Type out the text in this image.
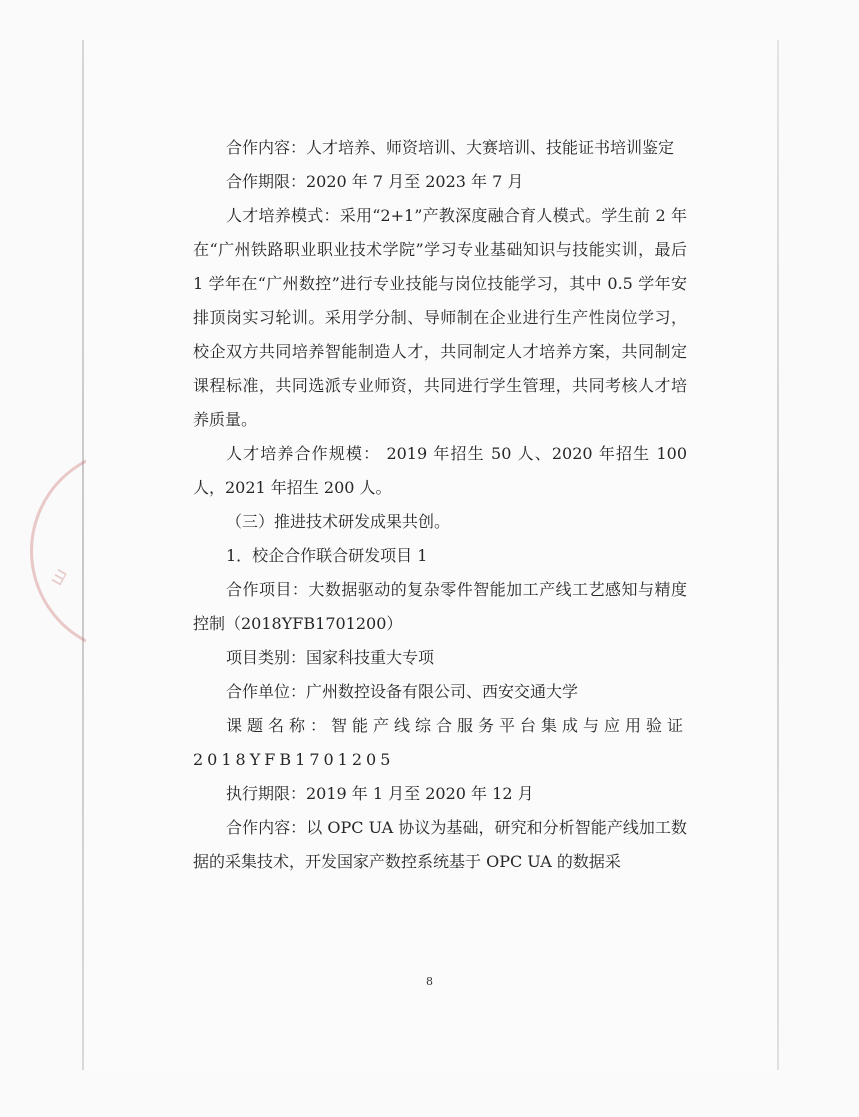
ш

合作内容：人才培养、师资培训、大赛培训、技能证书培训鉴定

合作期限：2020 年 7 月至 2023 年 7 月

人才培养模式：采用“2+1”产教深度融合育人模式。学生前 2 年在“广州铁路职业职业技术学院”学习专业基础知识与技能实训，最后 1 学年在“广州数控”进行专业技能与岗位技能学习，其中 0.5 学年安排顶岗实习轮训。采用学分制、导师制在企业进行生产性岗位学习，校企双方共同培养智能制造人才，共同制定人才培养方案，共同制定课程标准，共同选派专业师资，共同进行学生管理，共同考核人才培养质量。

人才培养合作规模： 2019 年招生 50 人、2020 年招生 100 人，2021 年招生 200 人。

（三）推进技术研发成果共创。

1．校企合作联合研发项目 1

合作项目：大数据驱动的复杂零件智能加工产线工艺感知与精度控制（2018YFB1701200）

项目类别：国家科技重大专项

合作单位：广州数控设备有限公司、西安交通大学

课题名称：智能产线综合服务平台集成与应用验证2018YFB1701205

执行期限：2019 年 1 月至 2020 年 12 月

合作内容：以 OPC UA 协议为基础，研究和分析智能产线加工数据的采集技术，开发国家产数控系统基于 OPC UA 的数据采

8
